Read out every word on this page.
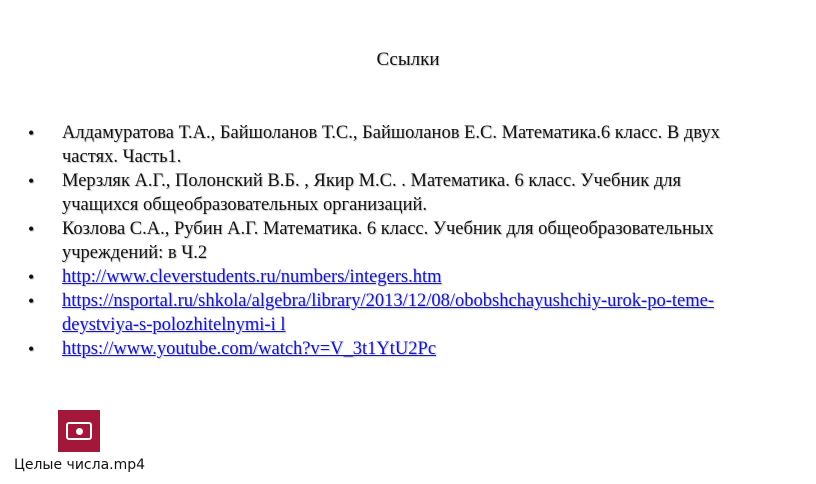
Ссылки
• Алдамуратова Т.А., Байшоланов Т.С., Байшоланов Е.С. Математика.6 класс. В двух
частях. Часть1.
• Мерзляк А.Г., Полонский В.Б. , Якир М.С. . Математика. 6 класс. Учебник для
учащихся общеобразовательных организаций.
• Козлова С.А., Рубин А.Г. Математика. 6 класс. Учебник для общеобразовательных
учреждений: в Ч.2
• http://www.cleverstudents.ru/numbers/integers.htm
• https://nsportal.ru/shkola/algebra/library/2013/12/08/obobshchayushchiy-urok-po-teme-
deystviya-s-polozhitelnymi-i l
• https://www.youtube.com/watch?v=V_3t1YtU2Pc
Целые числа.mp4
